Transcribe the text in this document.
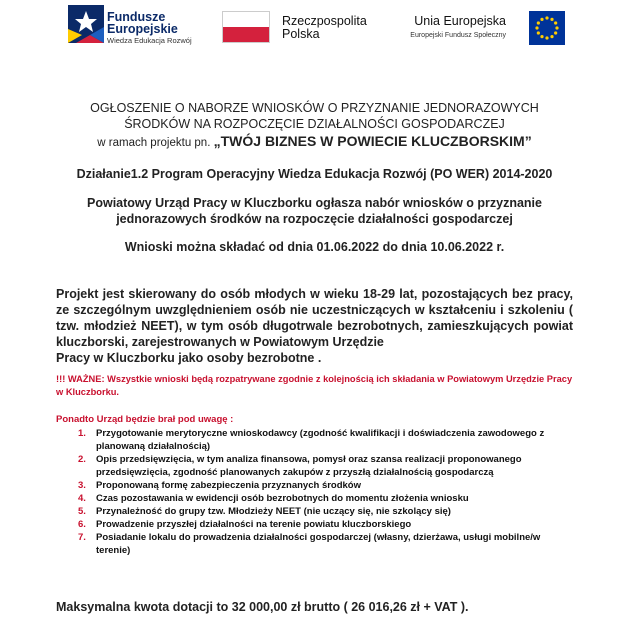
Fundusze
Europejskie
Wiedza Edukacja Rozwój
Rzeczpospolita
Polska
Unia Europejska
Europejski Fundusz Społeczny
OGŁOSZENIE O NABORZE WNIOSKÓW O PRZYZNANIE JEDNORAZOWYCH
ŚRODKÓW NA ROZPOCZĘCIE DZIAŁALNOŚCI GOSPODARCZEJ
w ramach projektu pn. „TWÓJ BIZNES W POWIECIE KLUCZBORSKIM”
Działanie1.2 Program Operacyjny Wiedza Edukacja Rozwój (PO WER) 2014-2020
Powiatowy Urząd Pracy w Kluczborku ogłasza nabór wniosków o przyznanie
jednorazowych środków na rozpoczęcie działalności gospodarczej
Wnioski można składać od dnia 01.06.2022 do dnia 10.06.2022 r.
Projekt jest skierowany do osób młodych w wieku 18-29 lat, pozostających bez pracy, ze szczególnym uwzględnieniem osób nie uczestniczących w kształceniu i szkoleniu ( tzw. młodzież NEET), w tym osób długotrwale bezrobotnych, zamieszkujących powiat kluczborski, zarejestrowanych w Powiatowym Urzędzie
Pracy w Kluczborku jako osoby bezrobotne .
!!! WAŻNE: Wszystkie wnioski będą rozpatrywane zgodnie z kolejnością ich składania w Powiatowym Urzędzie Pracy w Kluczborku.
Ponadto Urząd będzie brał pod uwagę :
1. Przygotowanie merytoryczne wnioskodawcy (zgodność kwalifikacji i doświadczenia zawodowego z planowaną działalnością)
2. Opis przedsięwzięcia, w tym analiza finansowa, pomysł oraz szansa realizacji proponowanego przedsięwzięcia, zgodność planowanych zakupów z przyszłą działalnością gospodarczą
3. Proponowaną formę zabezpieczenia przyznanych środków
4. Czas pozostawania w ewidencji osób bezrobotnych do momentu złożenia wniosku
5. Przynależność do grupy tzw. Młodzieży NEET (nie uczący się, nie szkolący się)
6. Prowadzenie przyszłej działalności na terenie powiatu kluczborskiego
7. Posiadanie lokalu do prowadzenia działalności gospodarczej (własny, dzierżawa, usługi mobilne/w terenie)
Maksymalna kwota dotacji to 32 000,00 zł brutto ( 26 016,26 zł + VAT ).
